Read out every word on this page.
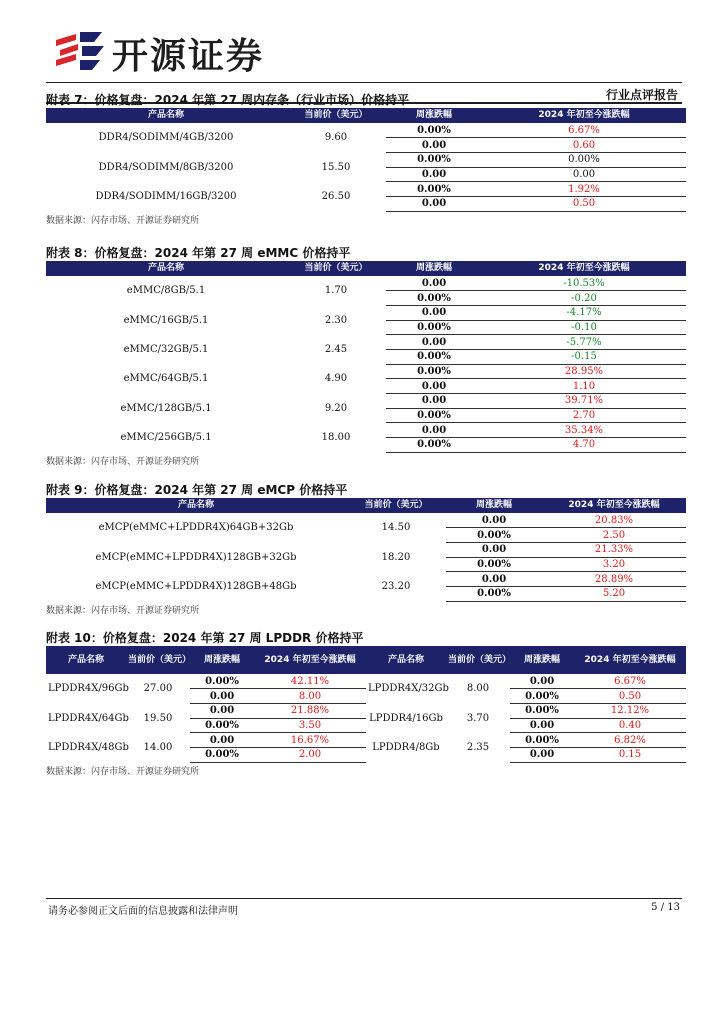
开源证券
行业点评报告
附表 7：价格复盘：2024 年第 27 周内存条（行业市场）价格持平
产品名称	当前价（美元）	周涨跌幅	2024 年初至今涨跌幅
DDR4/SODIMM/4GB/3200	9.60	0.00%	6.67%
		0.00	0.60
DDR4/SODIMM/8GB/3200	15.50	0.00%	0.00%
		0.00	0.00
DDR4/SODIMM/16GB/3200	26.50	0.00%	1.92%
		0.00	0.50
数据来源：闪存市场、开源证券研究所
附表 8：价格复盘：2024 年第 27 周 eMMC 价格持平
产品名称	当前价（美元）	周涨跌幅	2024 年初至今涨跌幅
eMMC/8GB/5.1	1.70	0.00	-10.53%
		0.00%	-0.20
eMMC/16GB/5.1	2.30	0.00	-4.17%
		0.00%	-0.10
eMMC/32GB/5.1	2.45	0.00	-5.77%
		0.00%	-0.15
eMMC/64GB/5.1	4.90	0.00%	28.95%
		0.00	1.10
eMMC/128GB/5.1	9.20	0.00	39.71%
		0.00%	2.70
eMMC/256GB/5.1	18.00	0.00	35.34%
		0.00%	4.70
数据来源：闪存市场、开源证券研究所
附表 9：价格复盘：2024 年第 27 周 eMCP 价格持平
产品名称	当前价（美元）	周涨跌幅	2024 年初至今涨跌幅
eMCP(eMMC+LPDDR4X)64GB+32Gb	14.50	0.00	20.83%
		0.00%	2.50
eMCP(eMMC+LPDDR4X)128GB+32Gb	18.20	0.00	21.33%
		0.00%	3.20
eMCP(eMMC+LPDDR4X)128GB+48Gb	23.20	0.00	28.89%
		0.00%	5.20
数据来源：闪存市场、开源证券研究所
附表 10：价格复盘：2024 年第 27 周 LPDDR 价格持平
产品名称	当前价（美元）	周涨跌幅	2024 年初至今涨跌幅	产品名称	当前价（美元）	周涨跌幅	2024 年初至今涨跌幅
LPDDR4X/96Gb	27.00	0.00%	42.11%	LPDDR4X/32Gb	8.00	0.00	6.67%
		0.00	8.00			0.00%	0.50
LPDDR4X/64Gb	19.50	0.00	21.88%	LPDDR4/16Gb	3.70	0.00%	12.12%
		0.00%	3.50			0.00	0.40
LPDDR4X/48Gb	14.00	0.00	16.67%	LPDDR4/8Gb	2.35	0.00%	6.82%
		0.00%	2.00			0.00	0.15
数据来源：闪存市场、开源证券研究所
请务必参阅正文后面的信息披露和法律声明	5 / 13
